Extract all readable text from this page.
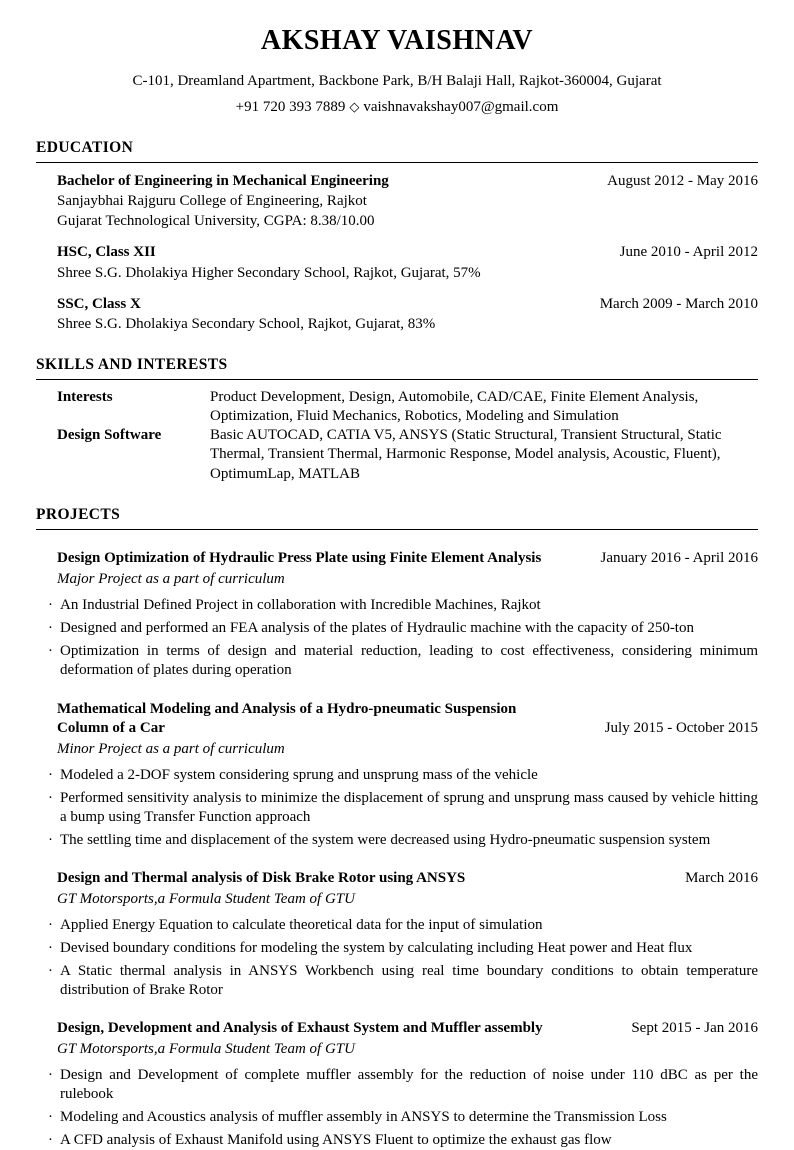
AKSHAY VAISHNAV
C-101, Dreamland Apartment, Backbone Park, B/H Balaji Hall, Rajkot-360004, Gujarat
+91 720 393 7889 ◇ vaishnavakshay007@gmail.com
EDUCATION
Bachelor of Engineering in Mechanical Engineering	August 2012 - May 2016
Sanjaybhai Rajguru College of Engineering, Rajkot
Gujarat Technological University, CGPA: 8.38/10.00
HSC, Class XII	June 2010 - April 2012
Shree S.G. Dholakiya Higher Secondary School, Rajkot, Gujarat, 57%
SSC, Class X	March 2009 - March 2010
Shree S.G. Dholakiya Secondary School, Rajkot, Gujarat, 83%
SKILLS AND INTERESTS
Interests	Product Development, Design, Automobile, CAD/CAE, Finite Element Analysis, Optimization, Fluid Mechanics, Robotics, Modeling and Simulation
Design Software	Basic AUTOCAD, CATIA V5, ANSYS (Static Structural, Transient Structural, Static Thermal, Transient Thermal, Harmonic Response, Model analysis, Acoustic, Fluent), OptimumLap, MATLAB
PROJECTS
Design Optimization of Hydraulic Press Plate using Finite Element Analysis	January 2016 - April 2016
Major Project as a part of curriculum
· An Industrial Defined Project in collaboration with Incredible Machines, Rajkot
· Designed and performed an FEA analysis of the plates of Hydraulic machine with the capacity of 250-ton
· Optimization in terms of design and material reduction, leading to cost effectiveness, considering minimum deformation of plates during operation
Mathematical Modeling and Analysis of a Hydro-pneumatic Suspension Column of a Car	July 2015 - October 2015
Minor Project as a part of curriculum
· Modeled a 2-DOF system considering sprung and unsprung mass of the vehicle
· Performed sensitivity analysis to minimize the displacement of sprung and unsprung mass caused by vehicle hitting a bump using Transfer Function approach
· The settling time and displacement of the system were decreased using Hydro-pneumatic suspension system
Design and Thermal analysis of Disk Brake Rotor using ANSYS	March 2016
GT Motorsports,a Formula Student Team of GTU
· Applied Energy Equation to calculate theoretical data for the input of simulation
· Devised boundary conditions for modeling the system by calculating including Heat power and Heat flux
· A Static thermal analysis in ANSYS Workbench using real time boundary conditions to obtain temperature distribution of Brake Rotor
Design, Development and Analysis of Exhaust System and Muffler assembly	Sept 2015 - Jan 2016
GT Motorsports,a Formula Student Team of GTU
· Design and Development of complete muffler assembly for the reduction of noise under 110 dBC as per the rulebook
· Modeling and Acoustics analysis of muffler assembly in ANSYS to determine the Transmission Loss
· A CFD analysis of Exhaust Manifold using ANSYS Fluent to optimize the exhaust gas flow
